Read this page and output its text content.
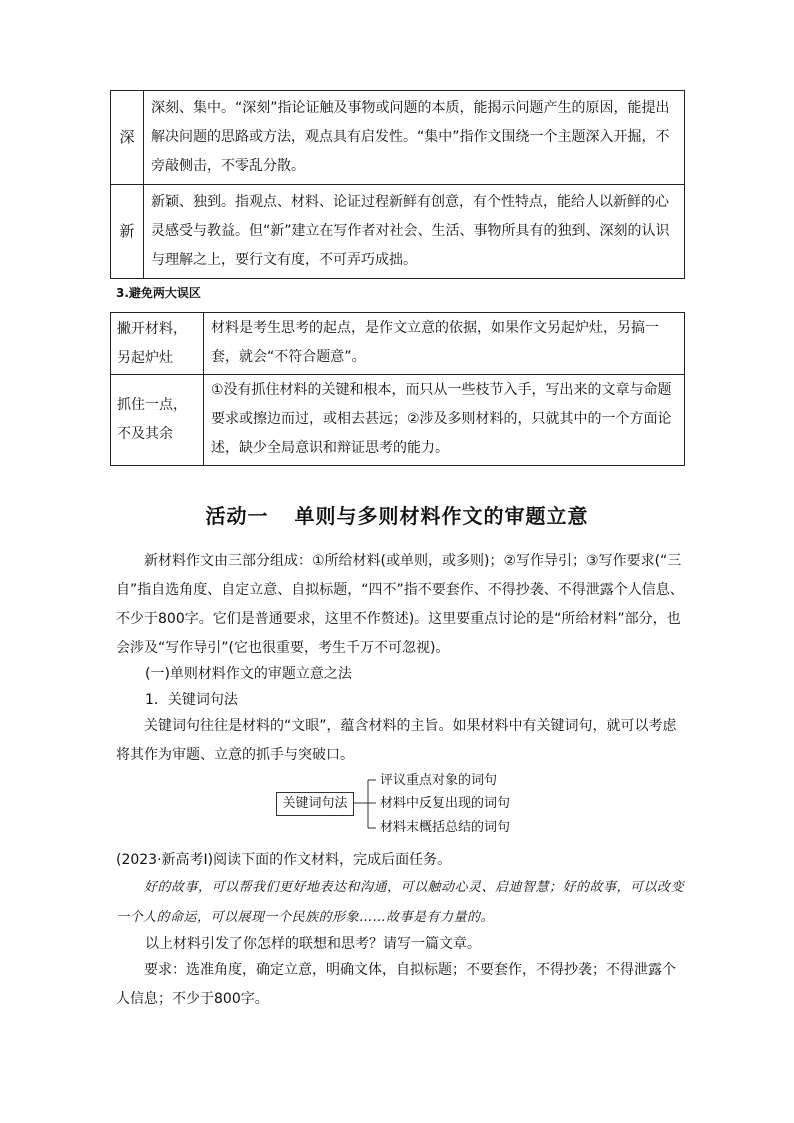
深	深刻、集中。“深刻”指论证触及事物或问题的本质，能揭示问题产生的原因，能提出解决问题的思路或方法，观点具有启发性。“集中”指作文围绕一个主题深入开掘，不旁敲侧击，不零乱分散。
新	新颖、独到。指观点、材料、论证过程新鲜有创意，有个性特点，能给人以新鲜的心灵感受与教益。但“新”建立在写作者对社会、生活、事物所具有的独到、深刻的认识与理解之上，要行文有度，不可弄巧成拙。
3.避免两大误区
撇开材料，另起炉灶	材料是考生思考的起点，是作文立意的依据，如果作文另起炉灶，另搞一套，就会“不符合题意”。
抓住一点，不及其余	①没有抓住材料的关键和根本，而只从一些枝节入手，写出来的文章与命题要求或擦边而过，或相去甚远；②涉及多则材料的，只就其中的一个方面论述，缺少全局意识和辩证思考的能力。
活动一 单则与多则材料作文的审题立意
新材料作文由三部分组成：①所给材料(或单则，或多则)；②写作导引；③写作要求(“三自”指自选角度、自定立意、自拟标题，“四不”指不要套作、不得抄袭、不得泄露个人信息、不少于800字。它们是普通要求，这里不作赘述)。这里要重点讨论的是“所给材料”部分，也会涉及“写作导引”(它也很重要，考生千万不可忽视)。
(一)单则材料作文的审题立意之法
1．关键词句法
关键词句往往是材料的“文眼”，蕴含材料的主旨。如果材料中有关键词句，就可以考虑将其作为审题、立意的抓手与突破口。
关键词句法
评议重点对象的词句
材料中反复出现的词句
材料末概括总结的词句
(2023·新高考Ⅰ)阅读下面的作文材料，完成后面任务。
好的故事，可以帮我们更好地表达和沟通，可以触动心灵、启迪智慧；好的故事，可以改变一个人的命运，可以展现一个民族的形象……故事是有力量的。
以上材料引发了你怎样的联想和思考？请写一篇文章。
要求：选准角度，确定立意，明确文体，自拟标题；不要套作，不得抄袭；不得泄露个人信息；不少于800字。
